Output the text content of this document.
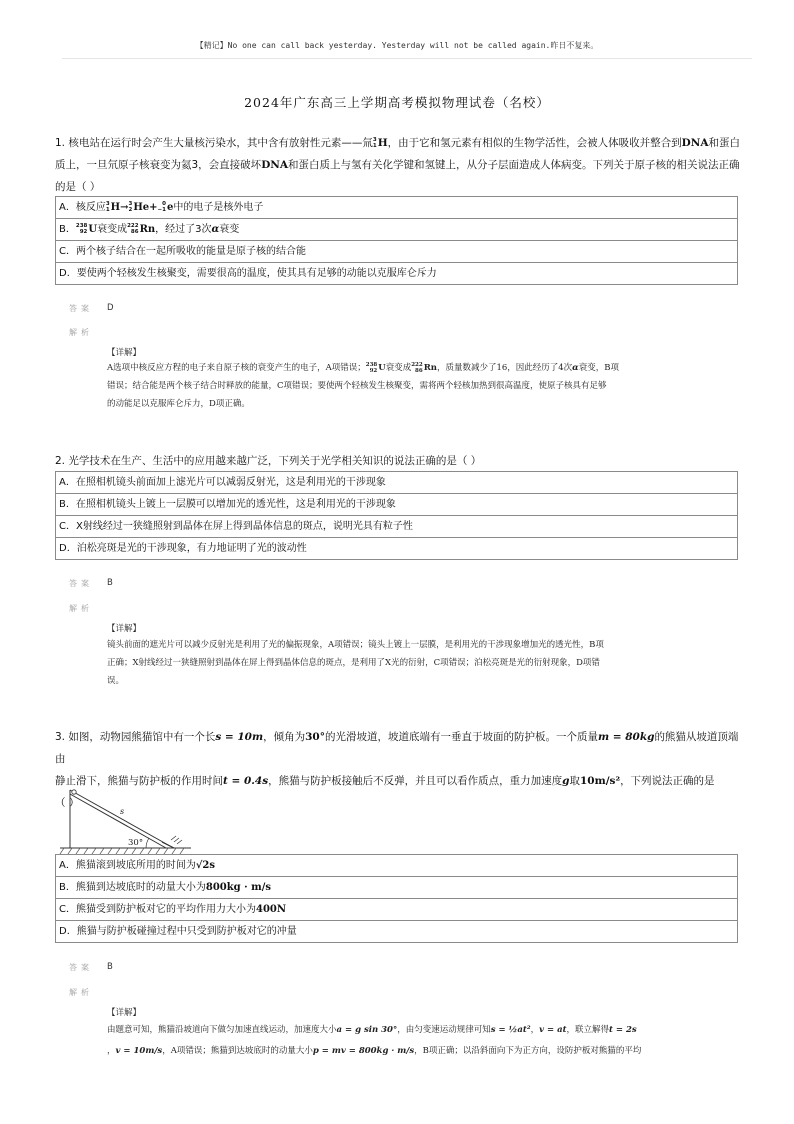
【精记】No one can call back yesterday. Yesterday will not be called again.昨日不复来。
2024年广东高三上学期高考模拟物理试卷（名校）
1. 核电站在运行时会产生大量核污染水，其中含有放射性元素——氚 3
1 H，由于它和氢元素有相似的生物学活性，会被人体吸收并整合到DNA和蛋白
质上，一旦氘原子核衰变为氦3，会直接破坏DNA和蛋白质上与氢有关化学键和氢键上，从分子层面造成人体病变。下列关于原子核的相关说法正确
的是（ ）
A．核反应 3
1 H→ 3
2 He+ 0
−1 e中的电子是核外电子
B． 238
92 U衰变成 222
86 Rn，经过了3次α衰变
C．两个核子结合在一起所吸收的能量是原子核的结合能
D．要使两个轻核发生核聚变，需要很高的温度，使其具有足够的动能以克服库仑斥力
答案 D
解析
【详解】
A选项中核反应方程的电子来自原子核的衰变产生的电子，A项错误； 238
92 U衰变成 222
86 Rn，质量数减少了16，因此经历了4次α衰变，B项
错误；结合能是两个核子结合时释放的能量，C项错误；要使两个轻核发生核聚变，需将两个轻核加热到很高温度，使原子核具有足够
的动能足以克服库仑斥力，D项正确。
2. 光学技术在生产、生活中的应用越来越广泛，下列关于光学相关知识的说法正确的是（ ）
A．在照相机镜头前面加上滤光片可以减弱反射光，这是利用光的干涉现象
B．在照相机镜头上镀上一层膜可以增加光的透光性，这是利用光的干涉现象
C．X射线经过一狭缝照射到晶体在屏上得到晶体信息的斑点，说明光具有粒子性
D．泊松亮斑是光的干涉现象，有力地证明了光的波动性
答案 B
解析
【详解】
镜头前面的遮光片可以减少反射光是利用了光的偏振现象，A项错误；镜头上镀上一层膜，是利用光的干涉现象增加光的透光性，B项
正确；X射线经过一狭缝照射到晶体在屏上得到晶体信息的斑点，是利用了X光的衍射，C项错误；泊松亮斑是光的衍射现象，D项错
误。
3. 如图，动物园熊猫馆中有一个长s = 10m，倾角为30°的光滑坡道，坡道底端有一垂直于坡面的防护板。一个质量m = 80kg的熊猫从坡道顶端由
静止滑下，熊猫与防护板的作用时间t = 0.4s，熊猫与防护板接触后不反弹，并且可以看作质点，重力加速度g取10m/s²，下列说法正确的是
（ ）
s
30°
A．熊猫滚到坡底所用的时间为√2s
B．熊猫到达坡底时的动量大小为800kg · m/s
C．熊猫受到防护板对它的平均作用力大小为400N
D．熊猫与防护板碰撞过程中只受到防护板对它的冲量
答案 B
解析
【详解】
由题意可知，熊猫沿坡道向下做匀加速直线运动，加速度大小a = g sin 30°，由匀变速运动规律可知s = ½at²，v = at，联立解得t = 2s
，v = 10m/s，A项错误；熊猫到达坡底时的动量大小p = mv = 800kg · m/s，B项正确；以沿斜面向下为正方向，设防护板对熊猫的平均
